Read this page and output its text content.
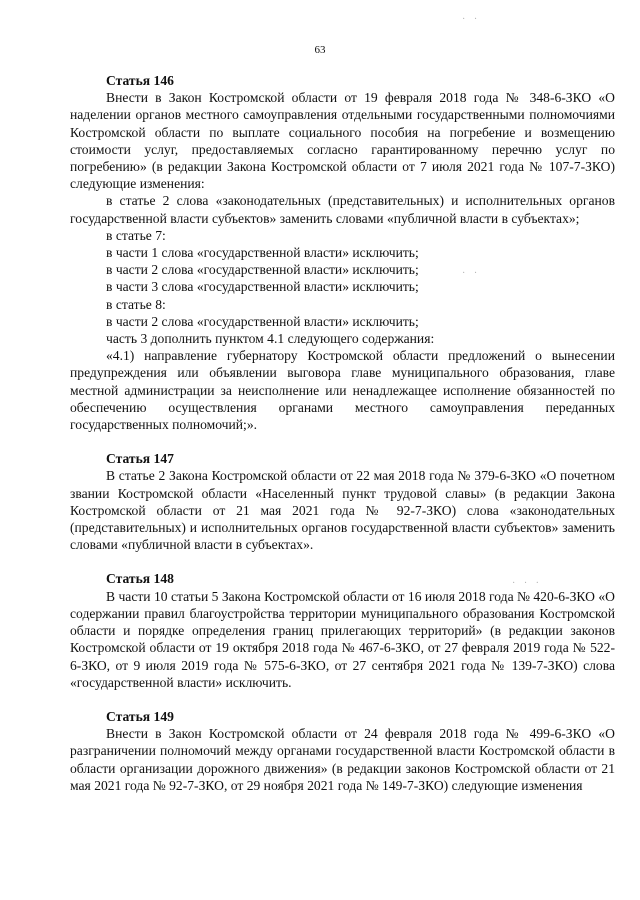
63
Статья 146

Внести в Закон Костромской области от 19 февраля 2018 года № 348-6-ЗКО «О наделении органов местного самоуправления отдельными государственными полномочиями Костромской области по выплате социального пособия на погребение и возмещению стоимости услуг, предоставляемых согласно гарантированному перечню услуг по погребению» (в редакции Закона Костромской области от 7 июля 2021 года № 107-7-ЗКО) следующие изменения:

в статье 2 слова «законодательных (представительных) и исполнительных органов государственной власти субъектов» заменить словами «публичной власти в субъектах»;

в статье 7:

в части 1 слова «государственной власти» исключить;

в части 2 слова «государственной власти» исключить;

в части 3 слова «государственной власти» исключить;

в статье 8:

в части 2 слова «государственной власти» исключить;

часть 3 дополнить пунктом 4.1 следующего содержания:

«4.1) направление губернатору Костромской области предложений о вынесении предупреждения или объявлении выговора главе муниципального образования, главе местной администрации за неисполнение или ненадлежащее исполнение обязанностей по обеспечению осуществления органами местного самоуправления переданных государственных полномочий;».

Статья 147

В статье 2 Закона Костромской области от 22 мая 2018 года № 379-6-ЗКО «О почетном звании Костромской области «Населенный пункт трудовой славы» (в редакции Закона Костромской области от 21 мая 2021 года № 92-7-ЗКО) слова «законодательных (представительных) и исполнительных органов государственной власти субъектов» заменить словами «публичной власти в субъектах».

Статья 148

В части 10 статьи 5 Закона Костромской области от 16 июля 2018 года № 420-6-ЗКО «О содержании правил благоустройства территории муниципального образования Костромской области и порядке определения границ прилегающих территорий» (в редакции законов Костромской области от 19 октября 2018 года № 467-6-ЗКО, от 27 февраля 2019 года № 522-6-ЗКО, от 9 июля 2019 года № 575-6-ЗКО, от 27 сентября 2021 года № 139-7-ЗКО) слова «государственной власти» исключить.

Статья 149

Внести в Закон Костромской области от 24 февраля 2018 года № 499-6-ЗКО «О разграничении полномочий между органами государственной власти Костромской области в области организации дорожного движения» (в редакции законов Костромской области от 21 мая 2021 года № 92-7-ЗКО, от 29 ноября 2021 года № 149-7-ЗКО) следующие изменения

· ·
· ·
· · ·
